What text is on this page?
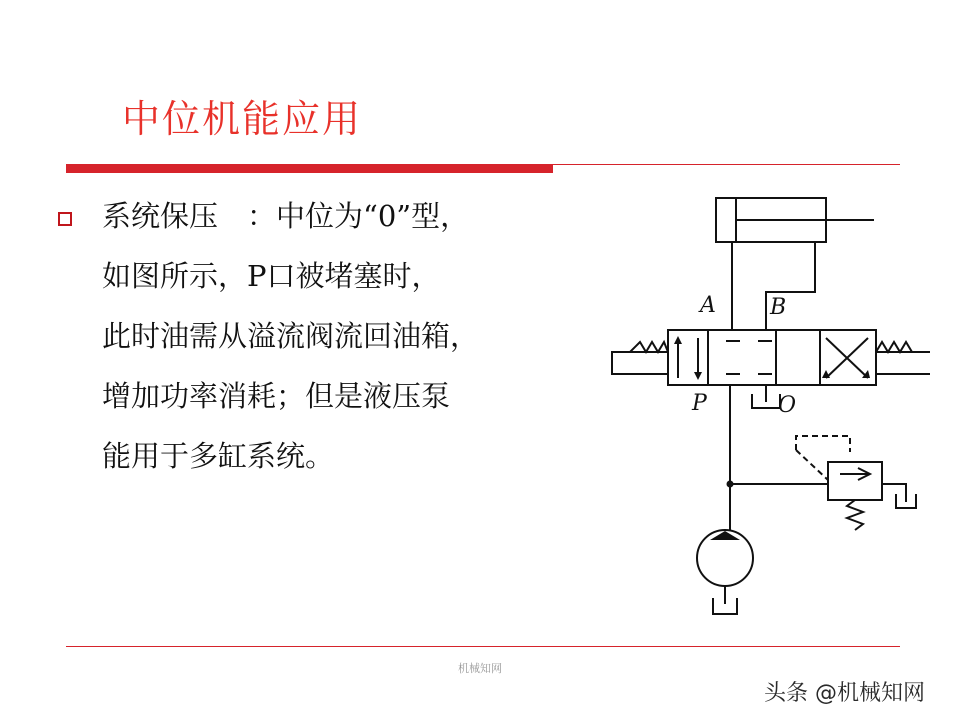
中位机能应用
系统保压　：中位为“0”型，
如图所示，P口被堵塞时，
此时油需从溢流阀流回油箱，
增加功率消耗；但是液压泵
能用于多缸系统。
A B
P	O
机械知网
头条 @机械知网
